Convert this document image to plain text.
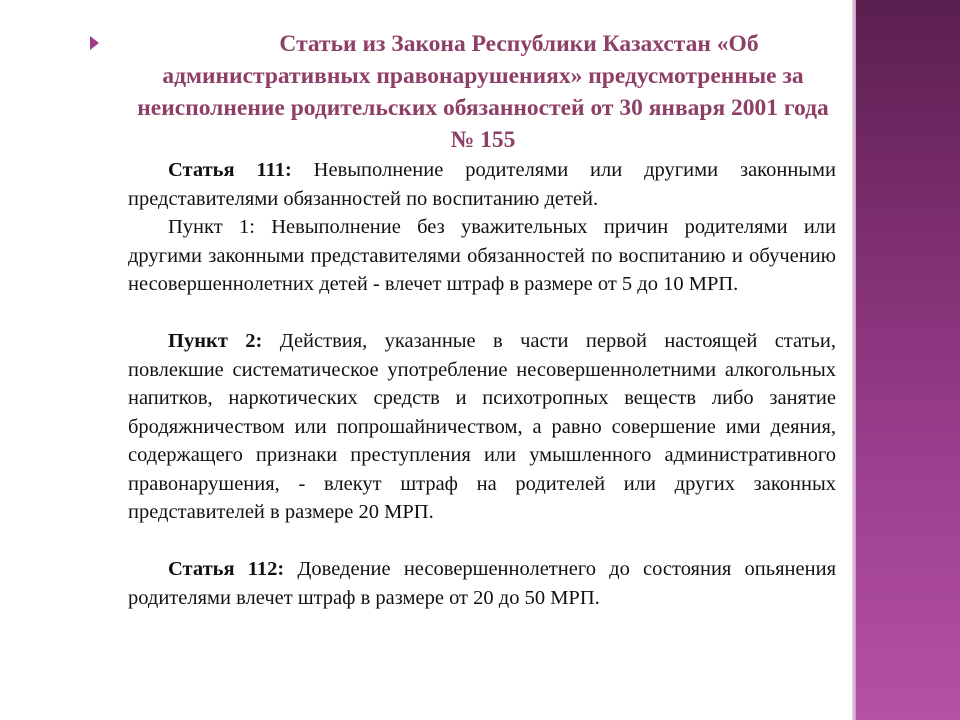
Статьи из Закона Республики Казахстан «Об административных правонарушениях» предусмотренные за неисполнение родительских обязанностей от 30 января 2001 года № 155

Статья 111: Невыполнение родителями или другими законными представителями обязанностей по воспитанию детей.

Пункт 1: Невыполнение без уважительных причин родителями или другими законными представителями обязанностей по воспитанию и обучению несовершеннолетних детей - влечет штраф в размере от 5 до 10 МРП.

Пункт 2: Действия, указанные в части первой настоящей статьи, повлекшие систематическое употребление несовершеннолетними алкогольных напитков, наркотических средств и психотропных веществ либо занятие бродяжничеством или попрошайничеством, а равно совершение ими деяния, содержащего признаки преступления или умышленного административного правонарушения, - влекут штраф на родителей или других законных представителей в размере 20 МРП.

Статья 112: Доведение несовершеннолетнего до состояния опьянения родителями влечет штраф в размере от 20 до 50 МРП.
